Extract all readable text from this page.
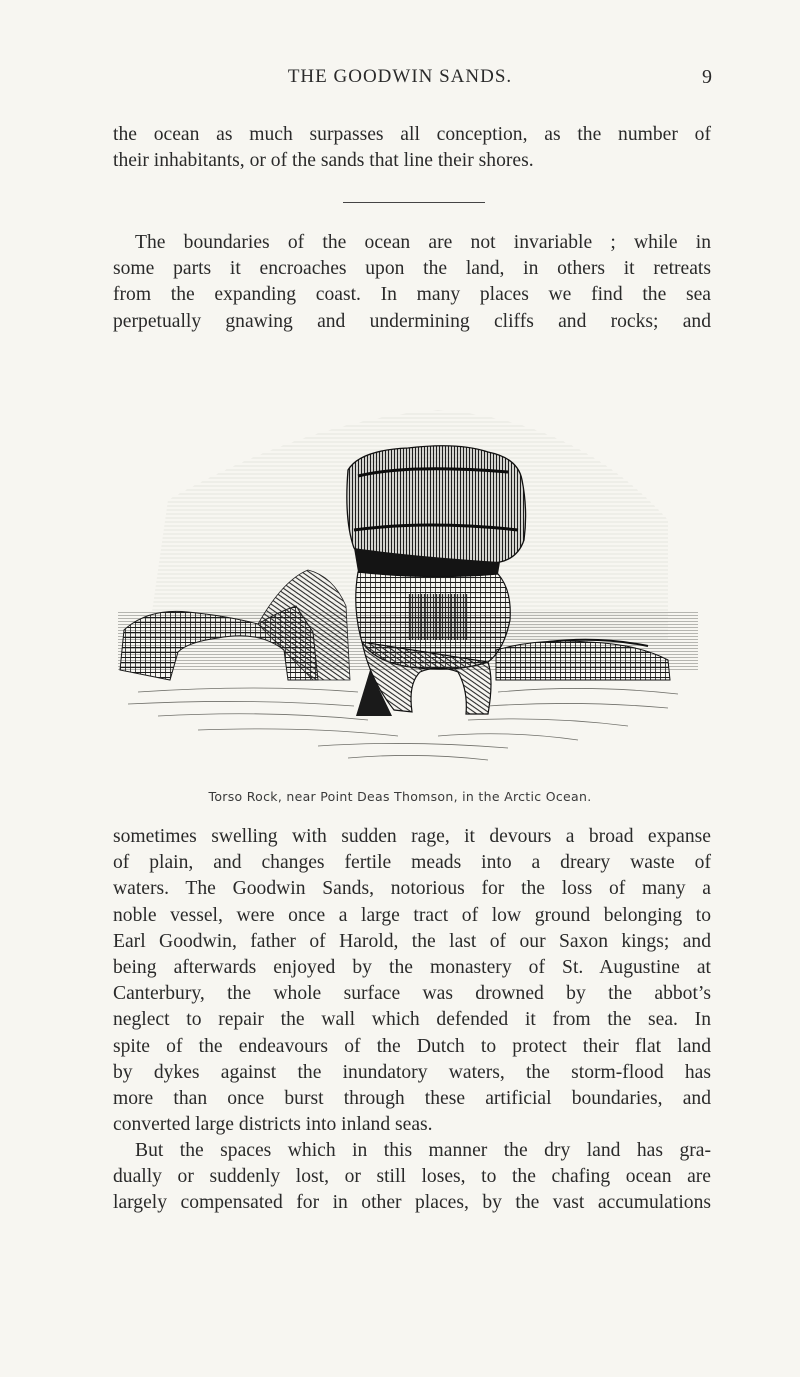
THE GOODWIN SANDS.	9
the ocean as much surpasses all conception, as the number of
their inhabitants, or of the sands that line their shores.
The boundaries of the ocean are not invariable ; while in
some parts it encroaches upon the land, in others it retreats
from the expanding coast. In many places we find the sea
perpetually gnawing and undermining cliffs and rocks; and
Torso Rock, near Point Deas Thomson, in the Arctic Ocean.
sometimes swelling with sudden rage, it devours a broad expanse
of plain, and changes fertile meads into a dreary waste of
waters. The Goodwin Sands, notorious for the loss of many a
noble vessel, were once a large tract of low ground belonging to
Earl Goodwin, father of Harold, the last of our Saxon kings; and
being afterwards enjoyed by the monastery of St. Augustine at
Canterbury, the whole surface was drowned by the abbot’s
neglect to repair the wall which defended it from the sea. In
spite of the endeavours of the Dutch to protect their flat land
by dykes against the inundatory waters, the storm-flood has
more than once burst through these artificial boundaries, and
converted large districts into inland seas.
But the spaces which in this manner the dry land has gra-
dually or suddenly lost, or still loses, to the chafing ocean are
largely compensated for in other places, by the vast accumulations
